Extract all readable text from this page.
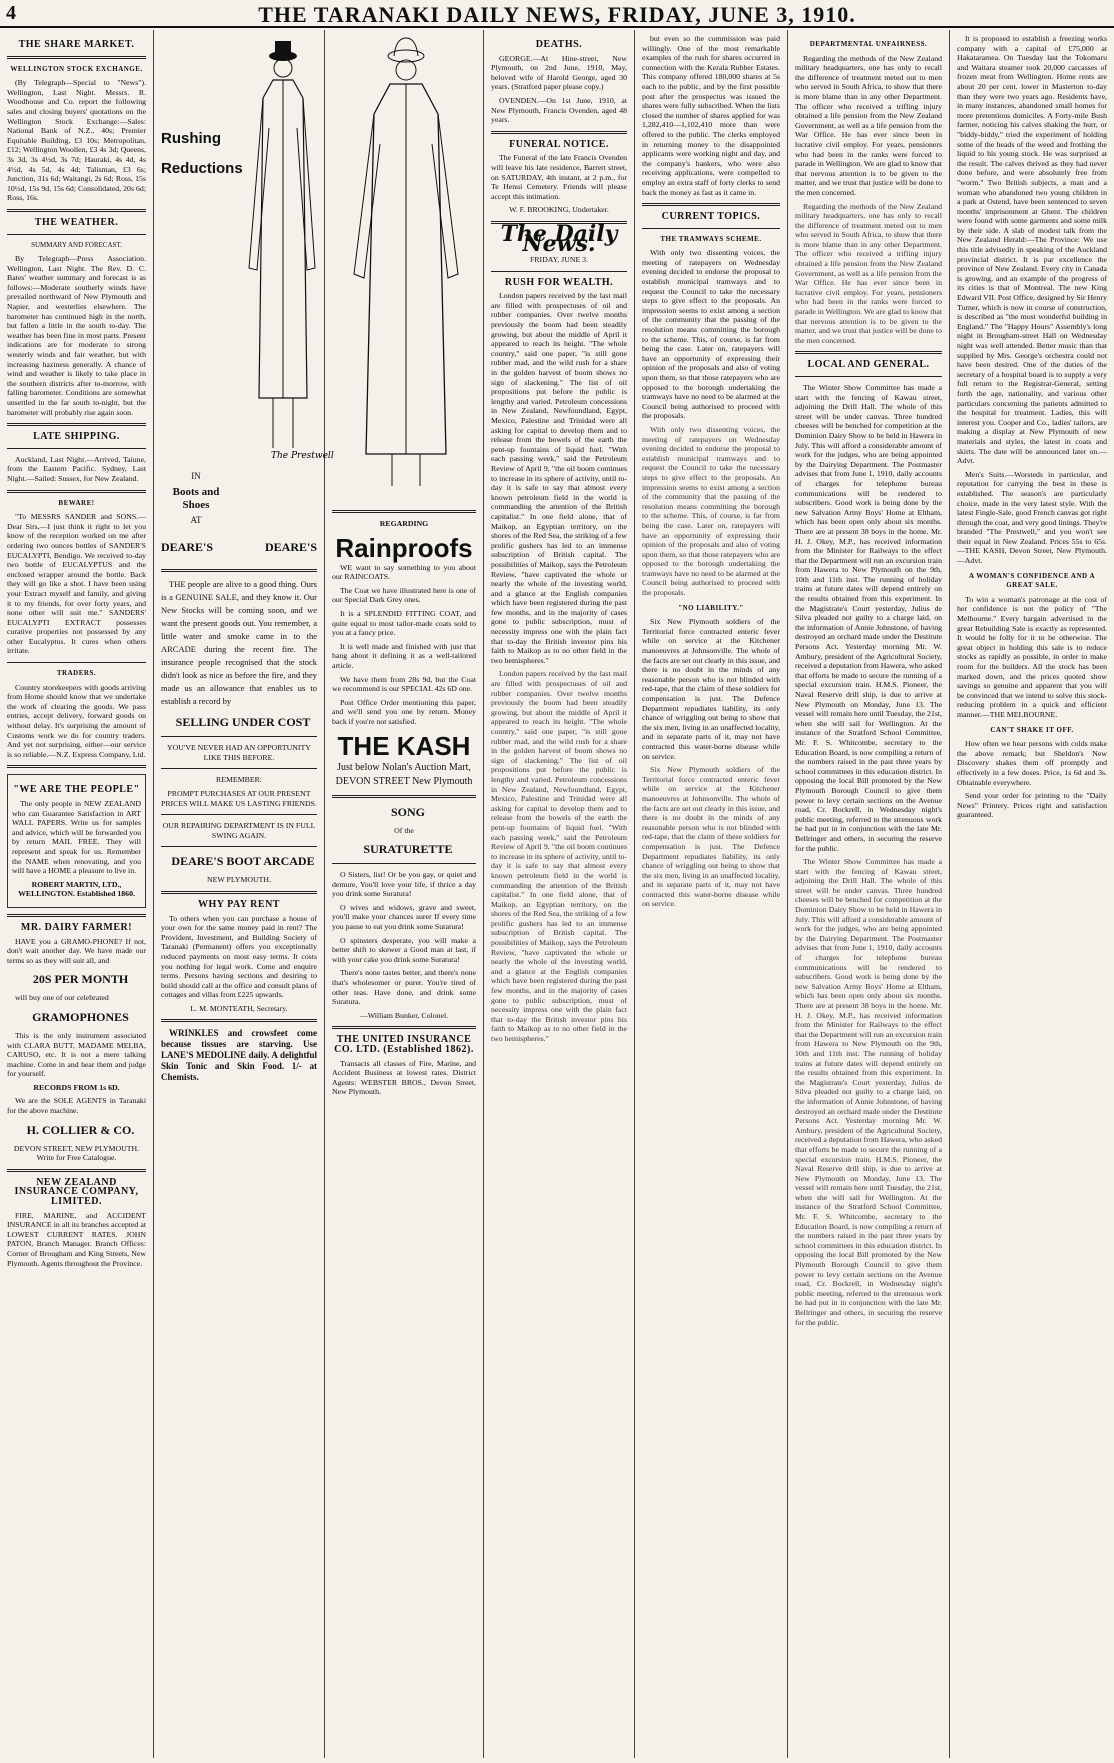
4	THE TARANAKI DAILY NEWS, FRIDAY, JUNE 3, 1910.
THE SHARE MARKET.
WELLINGTON STOCK EXCHANGE.

(By Telegraph—Special to "News"). Wellington, Last Night. Messrs. R. Woodhouse and Co. report the following sales and closing buyers' quotations on the Wellington Stock Exchange:—Sales: National Bank of N.Z., 40s; Premier Equitable Building, £3 10s; Metropolitan, £12; Wellington Woollen, £3 4s 3d; Queens, 3s 3d, 3s 4½d, 3s 7d; Hauraki, 4s 4d, 4s 4½d, 4s 5d, 4s 4d; Talisman, £3 6s; Junction, 31s 6d; Waitangi, 2s 6d; Ross, 15s 10½d, 15s 9d, 15s 6d; Consolidated, 20s 6d; Ross, 16s.

THE WEATHER.

SUMMARY AND FORECAST.

By Telegraph—Press Association. Wellington, Last Night. The Rev. D. C. Bates' weather summary and forecast is as follows:—Moderate southerly winds have prevailed northward of New Plymouth and Napier, and westerlies elsewhere. The barometer has continued high in the north, but fallen a little in the south to-day. The weather has been fine in most parts. Present indications are for moderate to strong westerly winds and fair weather, but with increasing haziness generally. A chance of wind and weather is likely to take place in the southern districts after to-morrow, with falling barometer. Conditions are somewhat unsettled in the far south to-night, but the barometer will probably rise again soon.

LATE SHIPPING.

Auckland, Last Night.—Arrived, Taiune, from the Eastern Pacific. Sydney, Last Night.—Sailed: Sussex, for New Zealand.

BEWARE!

"To MESSRS SANDER and SONS.—Dear Sirs,—I just think it right to let you know of the reception worked on me after ordering two ounces bottles of SANDER'S EUCALYPTI, Bendigo. We received to-day two bottle of EUCALYPTUS and the enclosed wrapper around the bottle. Back they will go like a shot. I have been using your Extract myself and family, and giving it to my friends, for over forty years, and none other will suit me." SANDERS' EUCALYPTI EXTRACT possesses curative properties not possessed by any other Eucalyptus. It cures when others irritate.

TRADERS.

Country storekeepers with goods arriving from Home should know that we undertake the work of clearing the goods. We pass entries, accept delivery, forward goods on without delay. It's surprising the amount of Customs work we do for country traders. And yet not surprising, either—our service is so reliable.—N.Z. Express Company, Ltd.

"WE ARE THE PEOPLE"

The only people in NEW ZEALAND who can Guarantee Satisfaction in ART WALL PAPERS. Write us for samples and advice, which will be forwarded you by return MAIL FREE. They will represent and speak for us. Remember the NAME when renovating, and you will have a HOME a pleasure to live in.

ROBERT MARTIN, LTD., WELLINGTON. Established 1860.

MR. DAIRY FARMER!

HAVE you a GRAMO-PHONE? If not, don't wait another day. We have made our terms so as they will suit all, and

20S PER MONTH

will buy one of our celebrated

GRAMOPHONES

This is the only instrument associated with CLARA BUTT, MADAME MELBA, CARUSO, etc. It is not a mere talking machine. Come in and hear them and judge for yourself.

RECORDS FROM 1s 6D.

We are the SOLE AGENTS in Taranaki for the above machine.

H. COLLIER & CO.

DEVON STREET, NEW PLYMOUTH. Write for Free Catalogue.

NEW ZEALAND INSURANCE COMPANY, LIMITED.

FIRE, MARINE, and ACCIDENT INSURANCE in all its branches accepted at LOWEST CURRENT RATES. JOHN PATON, Branch Manager. Branch Offices: Corner of Brougham and King Streets, New Plymouth. Agents throughout the Province.

Rushing
Reductions
The Prestwell

IN

Boots and Shoes

AT

DEARE'S	DEARE'S

THE people are alive to a good thing. Ours is a GENUINE SALE, and they know it. Our New Stocks will be coming soon, and we want the present goods out. You remember, a little water and smoke came in to the ARCADE during the recent fire. The insurance people recognised that the stock didn't look as nice as before the fire, and they made us an allowance that enables us to establish a record by

SELLING UNDER COST

YOU'VE NEVER HAD AN OPPORTUNITY LIKE THIS BEFORE.

REMEMBER:

PROMPT PURCHASES AT OUR PRESENT PRICES WILL MAKE US LASTING FRIENDS.

OUR REPAIRING DEPARTMENT IS IN FULL SWING AGAIN.

DEARE'S BOOT ARCADE

NEW PLYMOUTH.

WHY PAY RENT

To others when you can purchase a house of your own for the same money paid in rent? The Provident, Investment, and Building Society of Taranaki (Permanent) offers you exceptionally reduced payments on most easy terms. It costs you nothing for legal work. Come and enquire terms. Persons having sections and desiring to build should call at the office and consult plans of cottages and villas from £225 upwards.

L. M. MONTEATH, Secretary.

WRINKLES and crowsfeet come because tissues are starving. Use LANE'S MEDOLINE daily. A delightful Skin Tonic and Skin Food. 1/- at Chemists.

REGARDING

Rainproofs

WE want to say something to you about our RAINCOATS.

The Coat we have illustrated here is one of our Special Dark Grey ones.

It is a SPLENDID FITTING COAT, and quite equal to most tailor-made coats sold to you at a fancy price.

It is well made and finished with just that hang about it defining it as a well-tailored article.

We have them from 28s 9d, but the Coat we recommend is our SPECIAL 42s 6D one.

Post Office Order mentioning this paper, and we'll send you one by return. Money back if you're not satisfied.

THE KASH

Just below Nolan's Auction Mart, DEVON STREET New Plymouth

SONG

Of the

SURATURETTE

O Sisters, list! Or be you gay, or quiet and demure, You'll love your life, if thrice a day you drink some Suratura!

O wives and widows, grave and sweet, you'll make your chances surer If every time you pause to eat you drink some Suratura!

O spinsters desperate, you will make a better shift to skewer a Good man at last, if with your cake you drink some Suratura!

There's none tastes better, and there's none that's wholesomer or purer. You're tired of other teas. Have done, and drink some Suratura.

—William Bunker, Colonel.

THE UNITED INSURANCE CO. LTD. (Established 1862).

Transacts all classes of Fire, Marine, and Accident Business at lowest rates. District Agents: WEBSTER BROS., Devon Street, New Plymouth.

DEATHS.

GEORGE.—At Hine-street, New Plymouth, on 2nd June, 1910, May, beloved wife of Harold George, aged 30 years. (Stratford paper please copy.)

OVENDEN.—On 1st June, 1910, at New Plymouth, Francis Ovenden, aged 48 years.

FUNERAL NOTICE.

The Funeral of the late Francis Ovenden will leave his late residence, Barrett street, on SATURDAY, 4th instant, at 2 p.m., for Te Henui Cemetery. Friends will please accept this intimation.

W. F. BROOKING, Undertaker.

The Daily News.

FRIDAY, JUNE 3.

RUSH FOR WEALTH.

London papers received by the last mail are filled with prospectuses of oil and rubber companies. Over twelve months previously the boom had been steadily growing, but about the middle of April it appeared to reach its height. "The whole country," said one paper, "is still gone rubber mad, and the wild rush for a share in the golden harvest of boom shows no sign of slackening." The list of oil propositions put before the public is lengthy and varied. Petroleum concessions in New Zealand, Newfoundland, Egypt, Mexico, Palestine and Trinidad were all asking for capital to develop them and to release from the bowels of the earth the pent-up fountains of liquid fuel. "With each passing week," said the Petroleum Review of April 9, "the oil boom continues to increase in its sphere of activity, until to-day it is safe to say that almost every known petroleum field in the world is commanding the attention of the British capitalist." In one field alone, that of Maikop, an Egyptian territory, on the shores of the Red Sea, the striking of a few prolific gushers has led to an immense subscription of British capital. The possibilities of Maikop, says the Petroleum Review, "have captivated the whole or nearly the whole of the investing world, and a glance at the English companies which have been registered during the past few months, and in the majority of cases gone to public subscription, must of necessity impress one with the plain fact that to-day the British investor pins his faith to Maikop as to no other field in the two hemispheres."

London papers received by the last mail are filled with prospectuses of oil and rubber companies. Over twelve months previously the boom had been steadily growing, but about the middle of April it appeared to reach its height. "The whole country," said one paper, "is still gone rubber mad, and the wild rush for a share in the golden harvest of boom shows no sign of slackening." The list of oil propositions put before the public is lengthy and varied. Petroleum concessions in New Zealand, Newfoundland, Egypt, Mexico, Palestine and Trinidad were all asking for capital to develop them and to release from the bowels of the earth the pent-up fountains of liquid fuel. "With each passing week," said the Petroleum Review of April 9, "the oil boom continues to increase in its sphere of activity, until to-day it is safe to say that almost every known petroleum field in the world is commanding the attention of the British capitalist." In one field alone, that of Maikop, an Egyptian territory, on the shores of the Red Sea, the striking of a few prolific gushers has led to an immense subscription of British capital. The possibilities of Maikop, says the Petroleum Review, "have captivated the whole or nearly the whole of the investing world, and a glance at the English companies which have been registered during the past few months, and in the majority of cases gone to public subscription, must of necessity impress one with the plain fact that to-day the British investor pins his faith to Maikop as to no other field in the two hemispheres."

but even so the commission was paid willingly. One of the most remarkable examples of the rush for shares occurred in connection with the Kerala Rubber Estates. This company offered 180,000 shares at 5s each to the public, and by the first possible post after the prospectus was issued the shares were fully subscribed. When the lists closed the number of shares applied for was 1,282,410—1,102,410 more than were offered to the public. The clerks employed in returning money to the disappointed applicants were working night and day, and the company's bankers, who were also receiving applications, were compelled to employ an extra staff of forty clerks to send back the money as fast as it came in.

CURRENT TOPICS.
THE TRAMWAYS SCHEME.

With only two dissenting voices, the meeting of ratepayers on Wednesday evening decided to endorse the proposal to establish municipal tramways and to request the Council to take the necessary steps to give effect to the proposals. An impression seems to exist among a section of the community that the passing of the resolution means committing the borough to the scheme. This, of course, is far from being the case. Later on, ratepayers will have an opportunity of expressing their opinion of the proposals and also of voting upon them, so that those ratepayers who are opposed to the borough undertaking the tramways have no need to be alarmed at the Council being authorised to proceed with the proposals.

With only two dissenting voices, the meeting of ratepayers on Wednesday evening decided to endorse the proposal to establish municipal tramways and to request the Council to take the necessary steps to give effect to the proposals. An impression seems to exist among a section of the community that the passing of the resolution means committing the borough to the scheme. This, of course, is far from being the case. Later on, ratepayers will have an opportunity of expressing their opinion of the proposals and also of voting upon them, so that those ratepayers who are opposed to the borough undertaking the tramways have no need to be alarmed at the Council being authorised to proceed with the proposals.

"NO LIABILITY."

Six New Plymouth soldiers of the Territorial force contracted enteric fever while on service at the Kitchener manoeuvres at Johnsonville. The whole of the facts are set out clearly in this issue, and there is no doubt in the minds of any reasonable person who is not blinded with red-tape, that the claim of these soldiers for compensation is just. The Defence Department repudiates liability, its only chance of wriggling out being to show that the six men, living in an unaffected locality, and in separate parts of it, may not have contracted this water-borne disease while on service.

Six New Plymouth soldiers of the Territorial force contracted enteric fever while on service at the Kitchener manoeuvres at Johnsonville. The whole of the facts are set out clearly in this issue, and there is no doubt in the minds of any reasonable person who is not blinded with red-tape, that the claim of these soldiers for compensation is just. The Defence Department repudiates liability, its only chance of wriggling out being to show that the six men, living in an unaffected locality, and in separate parts of it, may not have contracted this water-borne disease while on service.

DEPARTMENTAL UNFAIRNESS.

Regarding the methods of the New Zealand military headquarters, one has only to recall the difference of treatment meted out to men who served in South Africa, to show that there is more blame than in any other Department. The officer who received a trifling injury obtained a life pension from the New Zealand Government, as well as a life pension from the War Office. He has ever since been in lucrative civil employ. For years, pensioners who had been in the ranks were forced to parade in Wellington. We are glad to know that that nervous attention is to be given to the matter, and we trust that justice will be done to the men concerned.

Regarding the methods of the New Zealand military headquarters, one has only to recall the difference of treatment meted out to men who served in South Africa, to show that there is more blame than in any other Department. The officer who received a trifling injury obtained a life pension from the New Zealand Government, as well as a life pension from the War Office. He has ever since been in lucrative civil employ. For years, pensioners who had been in the ranks were forced to parade in Wellington. We are glad to know that that nervous attention is to be given to the matter, and we trust that justice will be done to the men concerned.

LOCAL AND GENERAL.

The Winter Show Committee has made a start with the fencing of Kawau street, adjoining the Drill Hall. The whole of this street will be under canvas. Three hundred cheeses will be benched for competition at the Dominion Dairy Show to be held in Hawera in July. This will afford a considerable amount of work for the judges, who are being appointed by the Dairying Department. The Postmaster advises that from June 1, 1910, daily accounts of charges for telephone bureau communications will be rendered to subscribers. Good work is being done by the new Salvation Army Boys' Home at Eltham, which has been open only about six months. There are at present 38 boys in the home. Mr. H. J. Okey, M.P., has received information from the Minister for Railways to the effect that the Department will run an excursion train from Hawera to New Plymouth on the 9th, 10th and 11th inst. The running of holiday trains at future dates will depend entirely on the results obtained from this experiment. In the Magistrate's Court yesterday, Julius de Silva pleaded not guilty to a charge laid, on the information of Annie Johnstone, of having destroyed an orchard made under the Destitute Persons Act. Yesterday morning Mr. W. Ambury, president of the Agricultural Society, received a deputation from Hawera, who asked that efforts be made to secure the running of a special excursion train. H.M.S. Pioneer, the Naval Reserve drill ship, is due to arrive at New Plymouth on Monday, June 13. The vessel will remain here until Tuesday, the 21st, when she will sail for Wellington. At the instance of the Stratford School Committee, Mr. F. S. Whitcombe, secretary to the Education Board, is now compiling a return of the numbers raised in the past three years by school committees in this education district. In opposing the local Bill promoted by the New Plymouth Borough Council to give them power to levy certain sections on the Avenue road, Cr. Bockrell, in Wednesday night's public meeting, referred to the strenuous work he had put in in conjunction with the late Mr. Bellringer and others, in securing the reserve for the public.

The Winter Show Committee has made a start with the fencing of Kawau street, adjoining the Drill Hall. The whole of this street will be under canvas. Three hundred cheeses will be benched for competition at the Dominion Dairy Show to be held in Hawera in July. This will afford a considerable amount of work for the judges, who are being appointed by the Dairying Department. The Postmaster advises that from June 1, 1910, daily accounts of charges for telephone bureau communications will be rendered to subscribers. Good work is being done by the new Salvation Army Boys' Home at Eltham, which has been open only about six months. There are at present 38 boys in the home. Mr. H. J. Okey, M.P., has received information from the Minister for Railways to the effect that the Department will run an excursion train from Hawera to New Plymouth on the 9th, 10th and 11th inst. The running of holiday trains at future dates will depend entirely on the results obtained from this experiment. In the Magistrate's Court yesterday, Julius de Silva pleaded not guilty to a charge laid, on the information of Annie Johnstone, of having destroyed an orchard made under the Destitute Persons Act. Yesterday morning Mr. W. Ambury, president of the Agricultural Society, received a deputation from Hawera, who asked that efforts be made to secure the running of a special excursion train. H.M.S. Pioneer, the Naval Reserve drill ship, is due to arrive at New Plymouth on Monday, June 13. The vessel will remain here until Tuesday, the 21st, when she will sail for Wellington. At the instance of the Stratford School Committee, Mr. F. S. Whitcombe, secretary to the Education Board, is now compiling a return of the numbers raised in the past three years by school committees in this education district. In opposing the local Bill promoted by the New Plymouth Borough Council to give them power to levy certain sections on the Avenue road, Cr. Bockrell, in Wednesday night's public meeting, referred to the strenuous work he had put in in conjunction with the late Mr. Bellringer and others, in securing the reserve for the public.

It is proposed to establish a freezing works company with a capital of £75,000 at Hakataramea. On Tuesday last the Tokomaru and Waitara steamer took 20,000 carcasses of frozen meat from Wellington. Home rents are about 20 per cent. lower in Masterton to-day than they were two years ago. Residents have, in many instances, abandoned small homes for more pretentious domiciles. A Forty-mile Bush farmer, noticing his calves shaking the hurr, or "biddy-biddy," tried the experiment of holding some of the heads of the weed and frothing the liquid to his young stock. He was surprised at the result. The calves thrived as they had never done before, and were absolutely free from "worm." Two British subjects, a man and a woman who abandoned two young children in a park at Ostend, have been sentenced to seven months' imprisonment at Ghent. The children were found with some garments and some milk by their side. A slab of modest talk from the New Zealand Herald:—The Province: We use this title advisedly in speaking of the Auckland provincial district. It is par excellence the province of New Zealand. Every city in Canada is growing, and an example of the progress of its cities is that of Montreal. The new King Edward VII. Post Office, designed by Sir Henry Turner, which is now in course of construction, is described as "the most wonderful building in England." The "Happy Hours" Assembly's long night in Brougham-street Hall on Wednesday night was well attended. Better music than that supplied by Mrs. George's orchestra could not have been desired. One of the duties of the secretary of a hospital board is to supply a very full return to the Registrar-General, setting forth the age, nationality, and various other particulars concerning the patients admitted to the hospital for treatment. Ladies, this will interest you. Cooper and Co., ladies' tailors, are making a display at New Plymouth of new materials and styles, the latest in coats and skirts. The date will be announced later on.—Advt.

Men's Suits.—Worsteds in particular, and reputation for carrying the best in these is established. The season's are particularly choice, made in the very latest style. With the latest Fingle-Sale, good French canvas got right through the coat, and very good linings. They're branded "The Prestwell," and you won't see their equal in New Zealand. Prices 55s to 65s.—THE KASH, Devon Street, New Plymouth.—Advt.

A WOMAN'S CONFIDENCE AND A GREAT SALE.

To win a woman's patronage at the cost of her confidence is not the policy of "The Melbourne." Every bargain advertised in the great Rebuilding Sale is exactly as represented. It would be folly for it to be otherwise. The great object in holding this sale is to reduce stocks as rapidly as possible, in order to make room for the builders. All the stock has been marked down, and the prices quoted show savings so genuine and apparent that you will be convinced that we intend to solve this stock-reducing problem in a quick and efficient manner.—THE MELBOURNE.

CAN'T SHAKE IT OFF.

How often we hear persons with colds make the above remark; but Sheldon's New Discovery shakes them off promptly and effectively in a few doses. Price, 1s 6d and 3s. Obtainable everywhere.

Send your order for printing to the "Daily News" Printery. Prices right and satisfaction guaranteed.
